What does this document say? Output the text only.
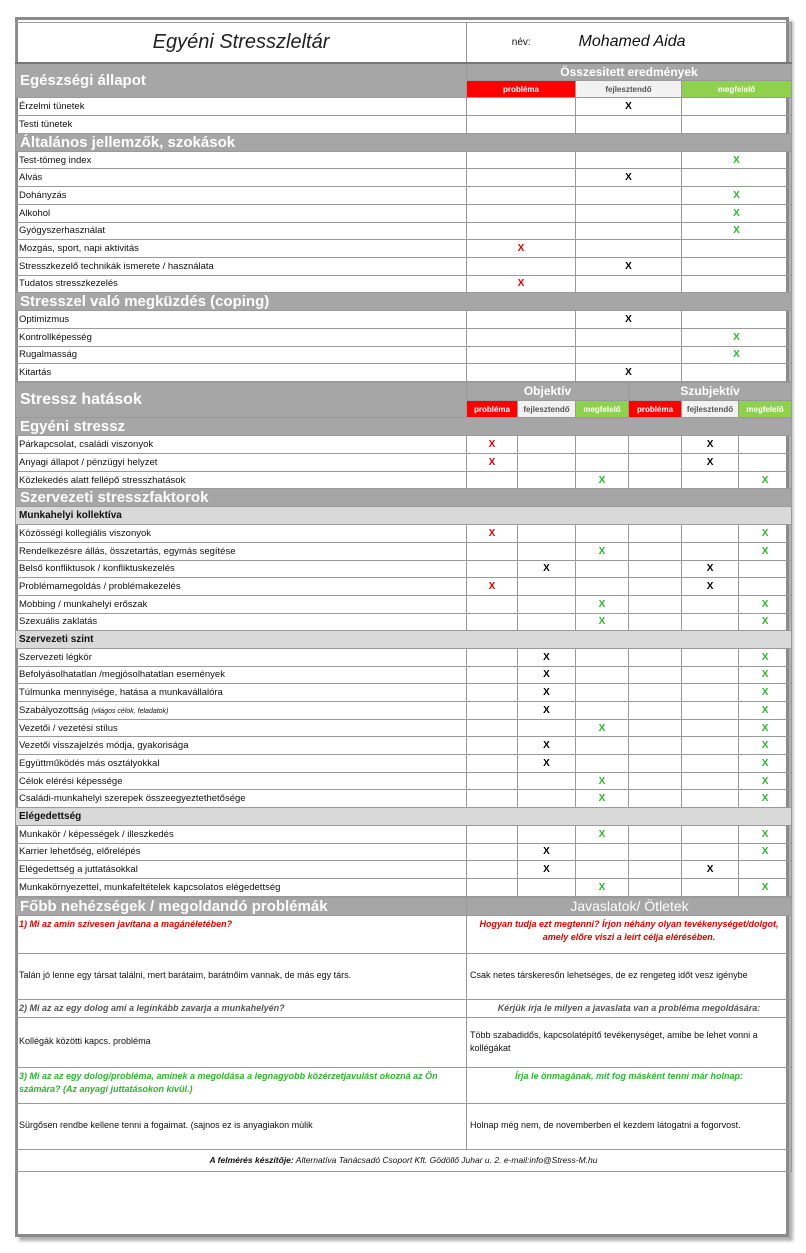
Egyéni Stresszleltár	név:	Mohamed Aida	
Egészségi állapot	Összesitett eredmények		
	probléma	fejlesztendő	megfelelő
Érzelmi tünetek		X	
Testi tünetek			
Általános jellemzők, szokások			
Test-tömeg index			X
Alvás		X	
Dohányzás			X
Alkohol			X
Gyógyszerhasználat			X
Mozgás, sport, napi aktivitás	X		
Stresszkezelő technikák ismerete / használata		X	
Tudatos stresszkezelés	X		
Stresszel való megküzdés (coping)			
Optimizmus		X	
Kontrollképesség			X
Rugalmasság			X
Kitartás		X	
Stressz hatások	Objektív			Szubjektív		
	probléma	fejlesztendő	megfelelő	probléma	fejlesztendő	megfelelő
Egyéni stressz						
Párkapcsolat, családi viszonyok	X				X	
Anyagi állapot / pénzügyi helyzet	X				X	
Közlekedés alatt fellépő stresszhatások			X			X
Szervezeti stresszfaktorok						
Munkahelyi kollektíva						
Közösségi kollegiális viszonyok	X					X
Rendelkezésre állás, összetartás, egymás segítése			X			X
Belső konfliktusok / konfliktuskezelés		X			X	
Problémamegoldás / problémakezelés	X				X	
Mobbing / munkahelyi erőszak			X			X
Szexuális zaklatás			X			X
Szervezeti szint						
Szervezeti légkör		X				X
Befolyásolhatatlan /megjósolhatatlan események		X				X
Túlmunka mennyisége, hatása a munkavállalóra		X				X
Szabályozottság (világos célok, feladatok)		X				X
Vezetői / vezetési stílus			X			X
Vezetői visszajelzés módja, gyakorisága		X				X
Együttműködés más osztályokkal		X				X
Célok elérési képessége			X			X
Családi-munkahelyi szerepek összeegyeztethetősége			X			X
Elégedettség						
Munkakör / képességek / illeszkedés			X			X
Karrier lehetőség, előrelépés		X				X
Elégedettség a juttatásokkal		X			X	
Munkakörnyezettel, munkafeltételek kapcsolatos elégedettség			X			X
Főbb nehézségek / megoldandó problémák	Javaslatok/ Ötletek
1) Mi az amin szívesen javítana a magánéletében?	Hogyan tudja ezt megtenni? Írjon néhány olyan tevékenységet/dolgot, amely előre viszi a leírt célja elérésében.
Talán jó lenne egy társat találni, mert barátaim, barátnőim vannak, de más egy társ.	Csak netes társkeresőn lehetséges, de ez rengeteg időt vesz igénybe
2) Mi az az egy dolog ami a legínkább zavarja a munkahelyén?	Kérjük írja le milyen a javaslata van a probléma megoldására:
Kollégák közötti kapcs. probléma	Több szabadidős, kapcsolatépítő tevékenységet, amibe be lehet vonni a kollégákat
3) Mi az az egy dolog/probléma, aminek a megoldása a legnagyobb közérzetjavulást okozná az Ön számára? (Az anyagi juttatásokon kívül.)	Írja le önmagának, mit fog másként tenni már holnap:
Sürgősen rendbe kellene tenni a fogaimat. (sajnos ez is anyagiakon múlik	Holnap még nem, de novemberben el kezdem látogatni a fogorvost.
A felmérés készítője: Alternatíva Tanácsadó Csoport Kft. Gödöllő Juhar u. 2. e-mail:info@Stress-M.hu	
